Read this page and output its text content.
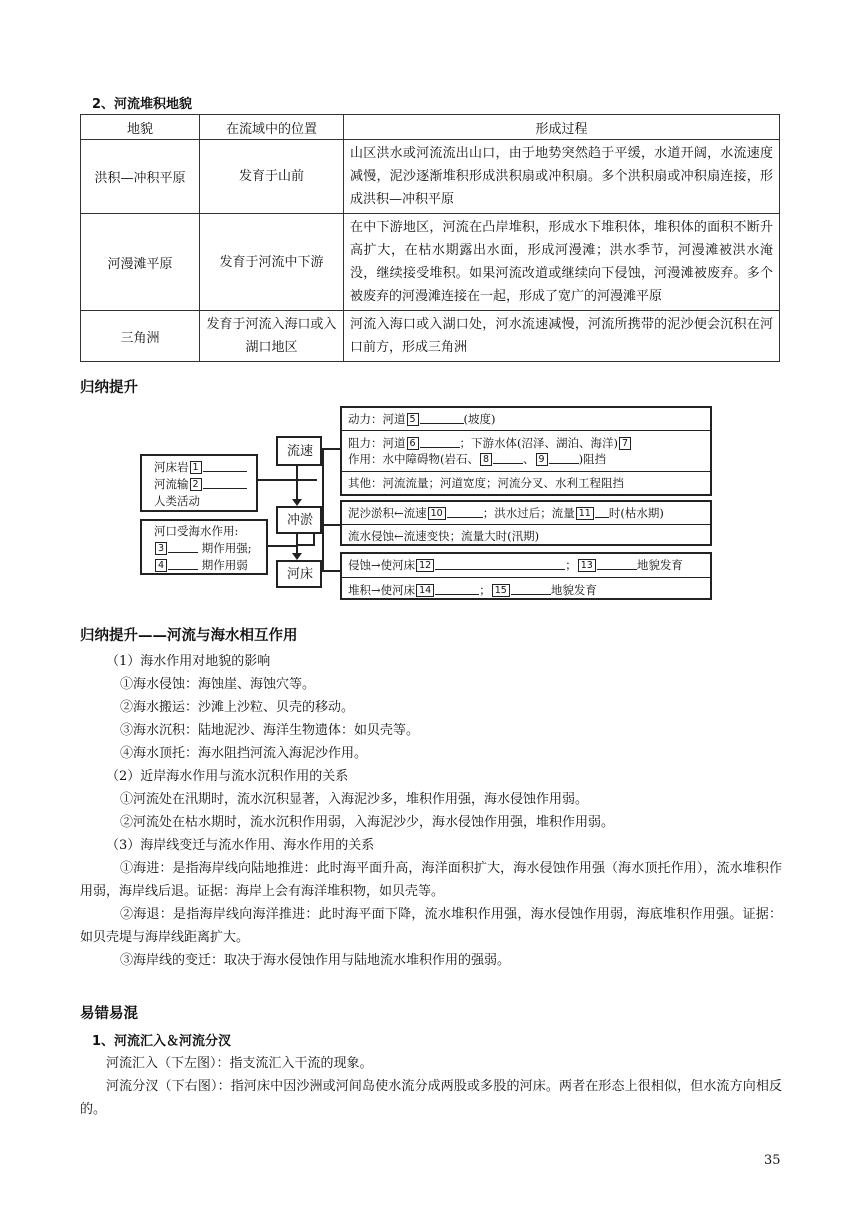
2、河流堆积地貌
地貌	在流域中的位置	形成过程
洪积—冲积平原	发育于山前	山区洪水或河流流出山口，由于地势突然趋于平缓，水道开阔，水流速度减慢，泥沙逐渐堆积形成洪积扇或冲积扇。多个洪积扇或冲积扇连接，形成洪积—冲积平原
河漫滩平原	发育于河流中下游	在中下游地区，河流在凸岸堆积，形成水下堆积体，堆积体的面积不断升高扩大，在枯水期露出水面，形成河漫滩；洪水季节，河漫滩被洪水淹没，继续接受堆积。如果河流改道或继续向下侵蚀，河漫滩被废弃。多个被废弃的河漫滩连接在一起，形成了宽广的河漫滩平原
三角洲	发育于河流入海口或入湖口地区	河流入海口或入湖口处，河水流速减慢，河流所携带的泥沙便会沉积在河口前方，形成三角洲
归纳提升
河床岩 1
河流输 2
人类活动
河口受海水作用:
3	期作用强;
4	期作用弱
流速
冲淤
河床
动力：河道 5	(坡度)
阻力：河道 6	；下游水体(沼泽、湖泊、海洋) 7
作用：水中障碍物(岩石、 8	、 9	)阻挡
其他：河流流量；河道宽度；河流分叉、水利工程阻挡
泥沙淤积←流速 10	；洪水过后；流量 11 时(枯水期)
流水侵蚀←流速变快；流量大时(汛期)
侵蚀→使河床 12	； 13	地貌发育
堆积→使河床 14	； 15	地貌发育
归纳提升——河流与海水相互作用

（1）海水作用对地貌的影响

①海水侵蚀：海蚀崖、海蚀穴等。

②海水搬运：沙滩上沙粒、贝壳的移动。

③海水沉积：陆地泥沙、海洋生物遗体：如贝壳等。

④海水顶托：海水阻挡河流入海泥沙作用。

（2）近岸海水作用与流水沉积作用的关系

①河流处在汛期时，流水沉积显著，入海泥沙多，堆积作用强，海水侵蚀作用弱。

②河流处在枯水期时，流水沉积作用弱，入海泥沙少，海水侵蚀作用强，堆积作用弱。

（3）海岸线变迁与流水作用、海水作用的关系

①海进：是指海岸线向陆地推进：此时海平面升高，海洋面积扩大，海水侵蚀作用强（海水顶托作用），流水堆积作用弱，海岸线后退。证据：海岸上会有海洋堆积物，如贝壳等。

②海退：是指海岸线向海洋推进：此时海平面下降，流水堆积作用强，海水侵蚀作用弱，海底堆积作用强。证据：如贝壳堤与海岸线距离扩大。

③海岸线的变迁：取决于海水侵蚀作用与陆地流水堆积作用的强弱。

易错易混
1、河流汇入＆河流分汊

河流汇入（下左图）：指支流汇入干流的现象。

河流分汊（下右图）：指河床中因沙洲或河间岛使水流分成两股或多股的河床。两者在形态上很相似，但水流方向相反的。

35
